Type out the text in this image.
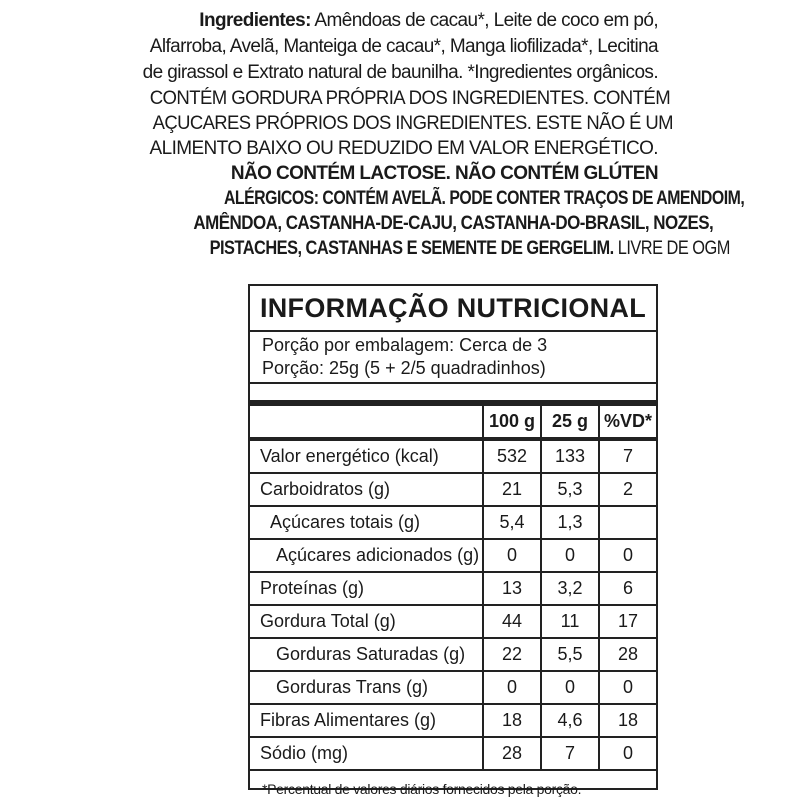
Ingredientes: Amêndoas de cacau*, Leite de coco em pó,
Alfarroba, Avelã, Manteiga de cacau*, Manga liofilizada*, Lecitina
de girassol e Extrato natural de baunilha. *Ingredientes orgânicos.
CONTÉM GORDURA PRÓPRIA DOS INGREDIENTES. CONTÉM
AÇUCARES PRÓPRIOS DOS INGREDIENTES. ESTE NÃO É UM
ALIMENTO BAIXO OU REDUZIDO EM VALOR ENERGÉTICO.
NÃO CONTÉM LACTOSE. NÃO CONTÉM GLÚTEN
ALÉRGICOS: CONTÉM AVELÃ. PODE CONTER TRAÇOS DE AMENDOIM,
AMÊNDOA, CASTANHA-DE-CAJU, CASTANHA-DO-BRASIL, NOZES,
PISTACHES, CASTANHAS E SEMENTE DE GERGELIM. LIVRE DE OGM
INFORMAÇÃO NUTRICIONAL
Porção por embalagem: Cerca de 3
Porção: 25g (5 + 2/5 quadradinhos)
	100 g	25 g	%VD*
Valor energético (kcal)	532	133	7
Carboidratos (g)	21	5,3	2
Açúcares totais (g)	5,4	1,3	
Açúcares adicionados (g)	0	0	0
Proteínas (g)	13	3,2	6
Gordura Total (g)	44	11	17
Gorduras Saturadas (g)	22	5,5	28
Gorduras Trans (g)	0	0	0
Fibras Alimentares (g)	18	4,6	18
Sódio (mg)	28	7	0
*Percentual de valores diários fornecidos pela porção.
